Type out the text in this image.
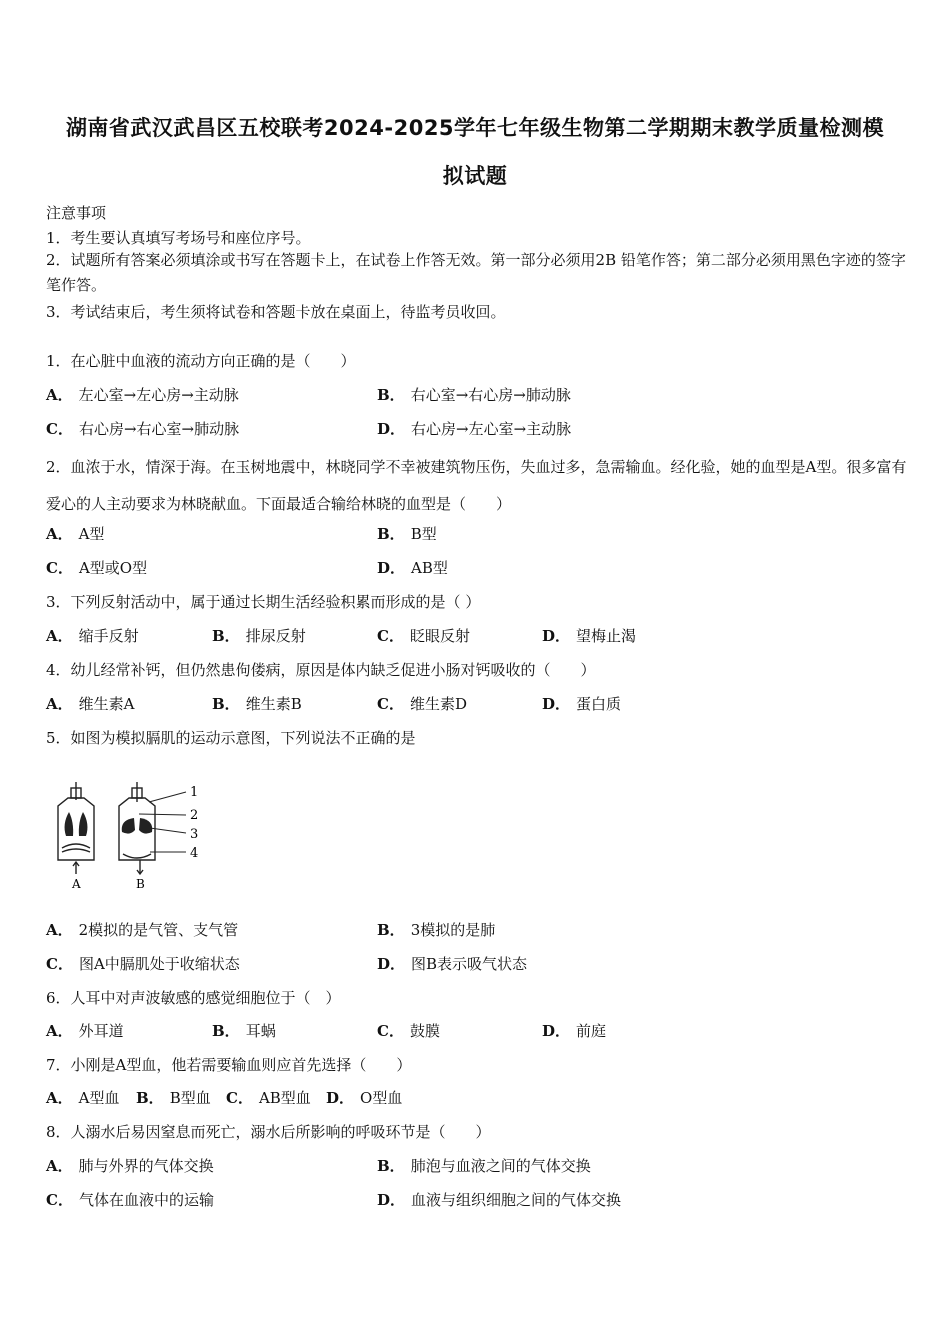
湖南省武汉武昌区五校联考2024-2025学年七年级生物第二学期期末教学质量检测模
拟试题
注意事项
1．考生要认真填写考场号和座位序号。
2．试题所有答案必须填涂或书写在答题卡上，在试卷上作答无效。第一部分必须用2B 铅笔作答；第二部分必须用黑色字迹的签字笔作答。
3．考试结束后，考生须将试卷和答题卡放在桌面上，待监考员收回。
1．在心脏中血液的流动方向正确的是（　　）
A． 左心室→左心房→主动脉	B． 右心室→右心房→肺动脉
C． 右心房→右心室→肺动脉	D． 右心房→左心室→主动脉
2．血浓于水，情深于海。在玉树地震中，林晓同学不幸被建筑物压伤，失血过多，急需输血。经化验，她的血型是A型。很多富有爱心的人主动要求为林晓献血。下面最适合输给林晓的血型是（　　）
A． A型	B． B型
C． A型或O型	D． AB型
3．下列反射活动中，属于通过长期生活经验积累而形成的是（ ）
A． 缩手反射	B． 排尿反射	C． 眨眼反射	D． 望梅止渴
4．幼儿经常补钙，但仍然患佝偻病，原因是体内缺乏促进小肠对钙吸收的（　　）
A． 维生素A	B． 维生素B	C． 维生素D	D． 蛋白质
5．如图为模拟膈肌的运动示意图，下列说法不正确的是
A	B
1
2
3
4
A． 2模拟的是气管、支气管	B． 3模拟的是肺
C． 图A中膈肌处于收缩状态	D． 图B表示吸气状态
6．人耳中对声波敏感的感觉细胞位于（　）
A． 外耳道	B． 耳蜗	C． 鼓膜	D． 前庭
7．小刚是A型血，他若需要输血则应首先选择（　　）
A． A型血 B． B型血 C． AB型血 D． O型血
8．人溺水后易因窒息而死亡，溺水后所影响的呼吸环节是（　　）
A． 肺与外界的气体交换	B． 肺泡与血液之间的气体交换
C． 气体在血液中的运输	D． 血液与组织细胞之间的气体交换
